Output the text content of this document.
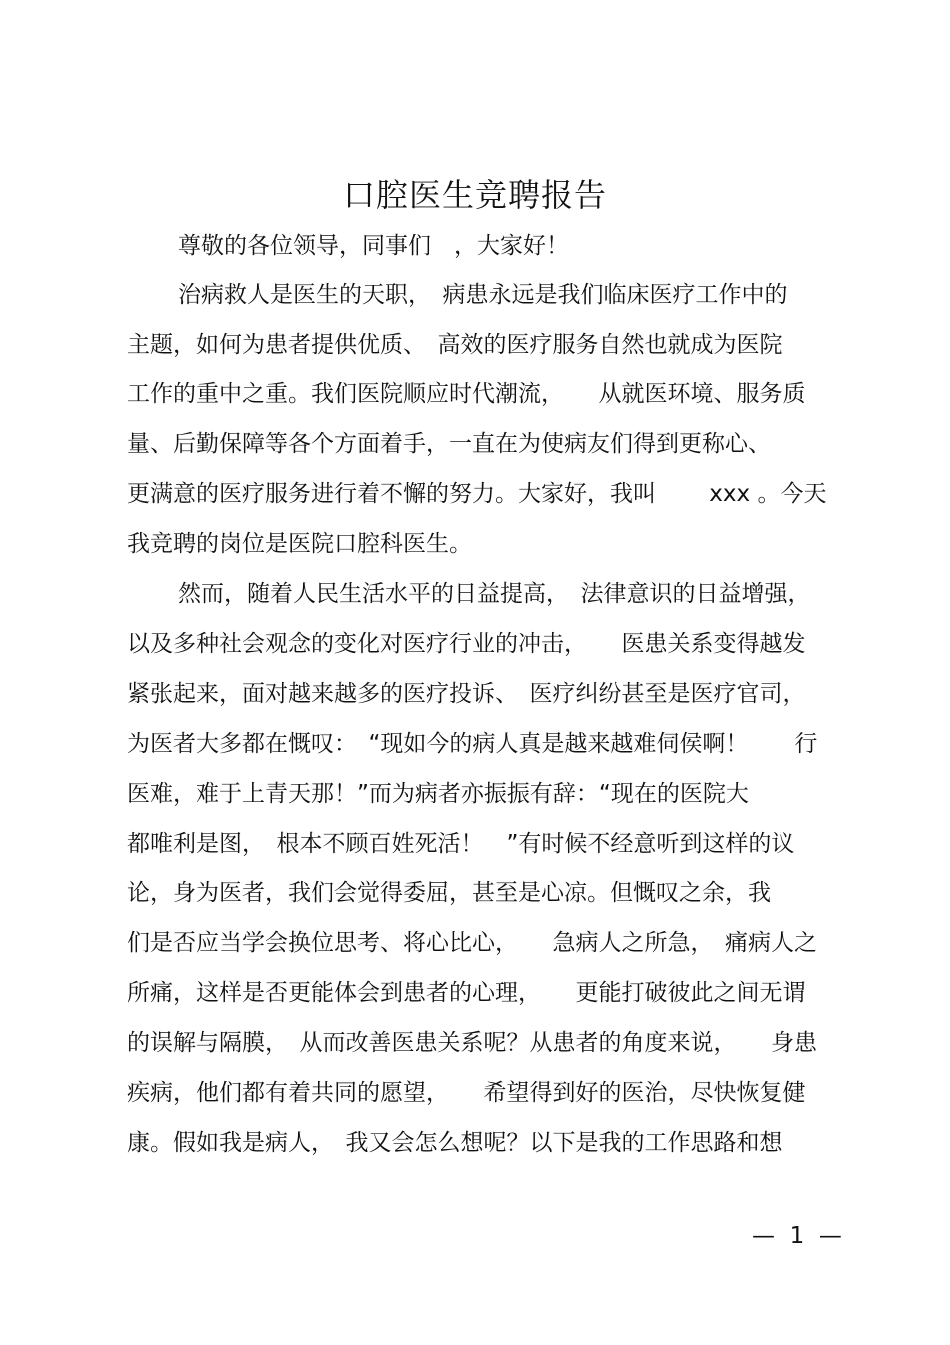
口腔医生竞聘报告
尊敬的各位领导，同事们　，大家好！
治病救人是医生的天职，　病患永远是我们临床医疗工作中的
主题，如何为患者提供优质、　高效的医疗服务自然也就成为医院
工作的重中之重。我们医院顺应时代潮流，　　从就医环境、服务质
量、后勤保障等各个方面着手，一直在为使病友们得到更称心、
更满意的医疗服务进行着不懈的努力。大家好，我叫　　 xxx 。今天
我竞聘的岗位是医院口腔科医生。
然而，随着人民生活水平的日益提高，　法律意识的日益增强，
以及多种社会观念的变化对医疗行业的冲击，　　医患关系变得越发
紧张起来，面对越来越多的医疗投诉、　医疗纠纷甚至是医疗官司，
为医者大多都在慨叹：　“现如今的病人真是越来越难伺侯啊！　　行
医难，难于上青天那！”而为病者亦振振有辞：“现在的医院大
都唯利是图，　根本不顾百姓死活！　”有时候不经意听到这样的议
论，身为医者，我们会觉得委屈，甚至是心凉。但慨叹之余，我
们是否应当学会换位思考、将心比心，　　急病人之所急，　痛病人之
所痛，这样是否更能体会到患者的心理，　　更能打破彼此之间无谓
的误解与隔膜，　从而改善医患关系呢？从患者的角度来说，　　身患
疾病，他们都有着共同的愿望，　　希望得到好的医治，尽快恢复健
康。假如我是病人，　我又会怎么想呢？以下是我的工作思路和想
—  1  —
